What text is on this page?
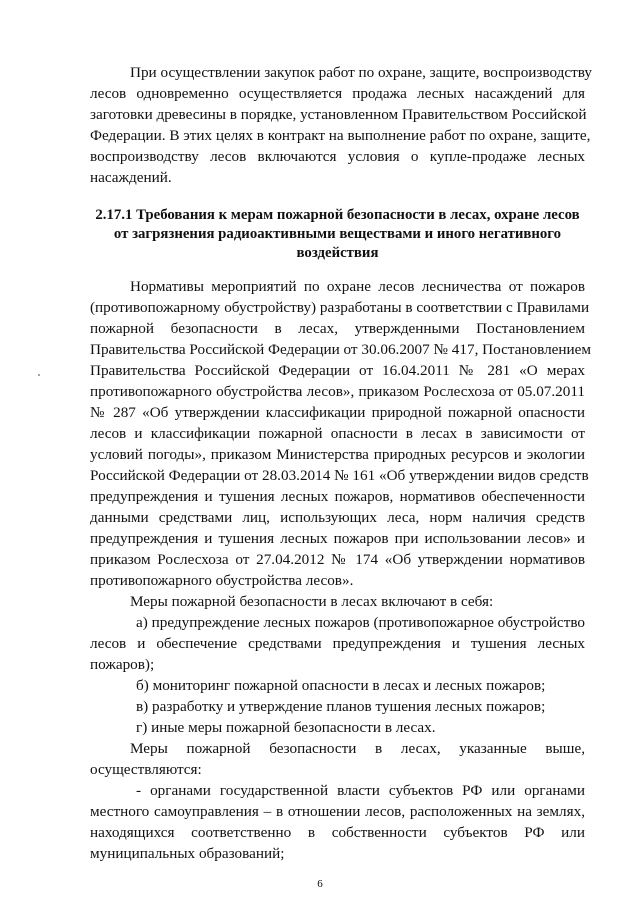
При осуществлении закупок работ по охране, защите, воспроизводству
лесов одновременно осуществляется продажа лесных насаждений для
заготовки древесины в порядке, установленном Правительством Российской
Федерации. В этих целях в контракт на выполнение работ по охране, защите,
воспроизводству лесов включаются условия о купле-продаже лесных
насаждений.
2.17.1 Требования к мерам пожарной безопасности в лесах, охране лесов
от загрязнения радиоактивными веществами и иного негативного
воздействия
Нормативы мероприятий по охране лесов лесничества от пожаров
(противопожарному обустройству) разработаны в соответствии с Правилами
пожарной безопасности в лесах, утвержденными Постановлением
Правительства Российской Федерации от 30.06.2007 № 417, Постановлением
Правительства Российской Федерации от 16.04.2011 № 281 «О мерах
противопожарного обустройства лесов», приказом Рослесхоза от 05.07.2011
№ 287 «Об утверждении классификации природной пожарной опасности
лесов и классификации пожарной опасности в лесах в зависимости от
условий погоды», приказом Министерства природных ресурсов и экологии
Российской Федерации от 28.03.2014 № 161 «Об утверждении видов средств
предупреждения и тушения лесных пожаров, нормативов обеспеченности
данными средствами лиц, использующих леса, норм наличия средств
предупреждения и тушения лесных пожаров при использовании лесов» и
приказом Рослесхоза от 27.04.2012 № 174 «Об утверждении нормативов
противопожарного обустройства лесов».
Меры пожарной безопасности в лесах включают в себя:
а) предупреждение лесных пожаров (противопожарное обустройство
лесов и обеспечение средствами предупреждения и тушения лесных
пожаров);
б) мониторинг пожарной опасности в лесах и лесных пожаров;
в) разработку и утверждение планов тушения лесных пожаров;
г) иные меры пожарной безопасности в лесах.
Меры пожарной безопасности в лесах, указанные выше,
осуществляются:
- органами государственной власти субъектов РФ или органами
местного самоуправления – в отношении лесов, расположенных на землях,
находящихся соответственно в собственности субъектов РФ или
муниципальных образований;
6
